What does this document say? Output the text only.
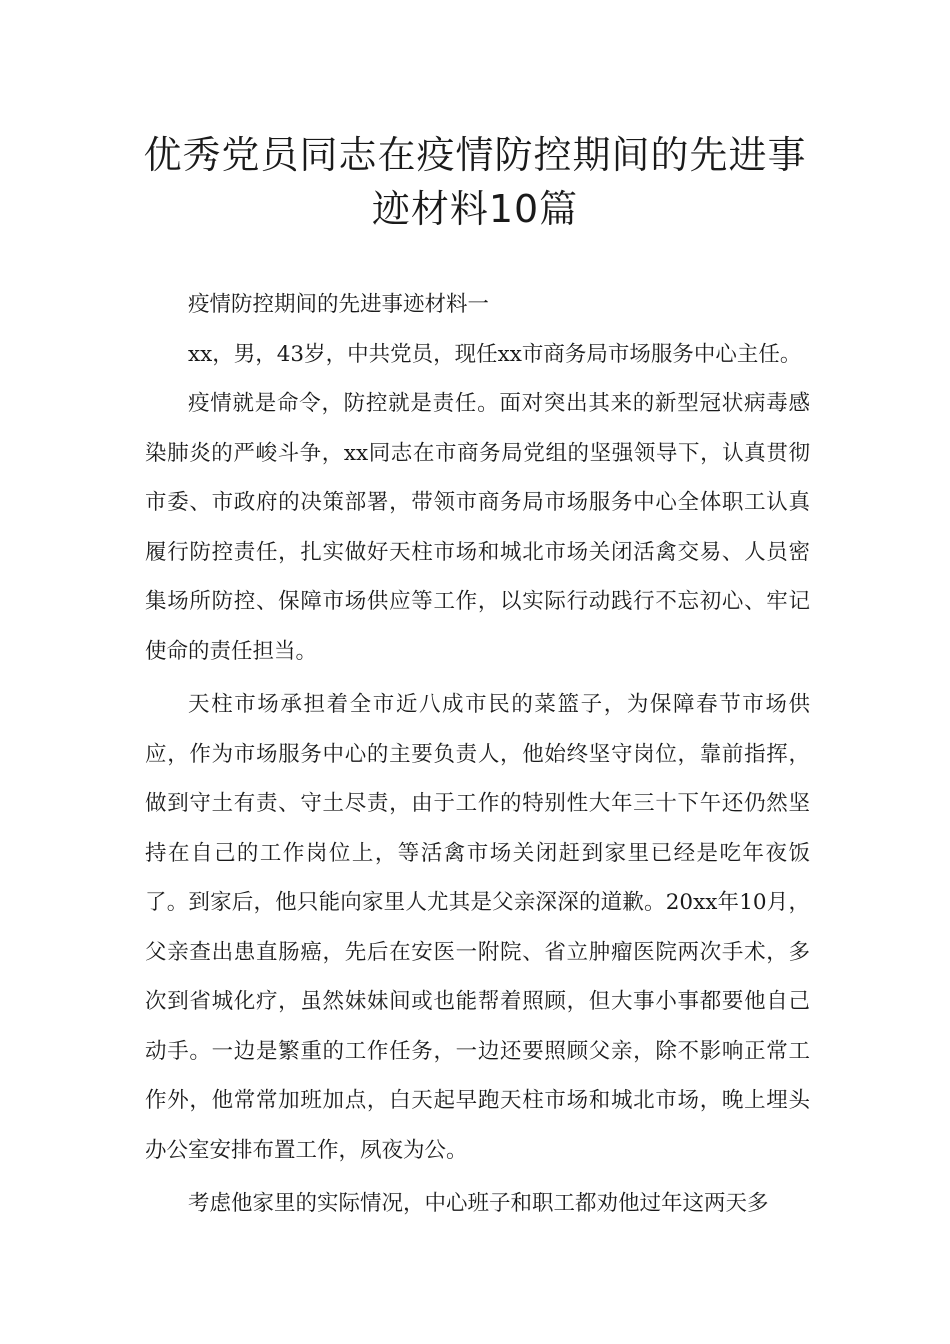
优秀党员同志在疫情防控期间的先进事
迹材料10篇

疫情防控期间的先进事迹材料一

xx，男，43岁，中共党员，现任xx市商务局市场服务中心主任。

疫情就是命令，防控就是责任。面对突出其来的新型冠状病毒感染肺炎的严峻斗争，xx同志在市商务局党组的坚强领导下，认真贯彻市委、市政府的决策部署，带领市商务局市场服务中心全体职工认真履行防控责任，扎实做好天柱市场和城北市场关闭活禽交易、人员密集场所防控、保障市场供应等工作，以实际行动践行不忘初心、牢记使命的责任担当。

天柱市场承担着全市近八成市民的菜篮子，为保障春节市场供应，作为市场服务中心的主要负责人，他始终坚守岗位，靠前指挥，做到守土有责、守土尽责，由于工作的特别性大年三十下午还仍然坚持在自己的工作岗位上，等活禽市场关闭赶到家里已经是吃年夜饭了。到家后，他只能向家里人尤其是父亲深深的道歉。20xx年10月，父亲查出患直肠癌，先后在安医一附院、省立肿瘤医院两次手术，多次到省城化疗，虽然妹妹间或也能帮着照顾，但大事小事都要他自己动手。一边是繁重的工作任务，一边还要照顾父亲，除不影响正常工作外，他常常加班加点，白天起早跑天柱市场和城北市场，晚上埋头办公室安排布置工作，夙夜为公。

考虑他家里的实际情况，中心班子和职工都劝他过年这两天多
